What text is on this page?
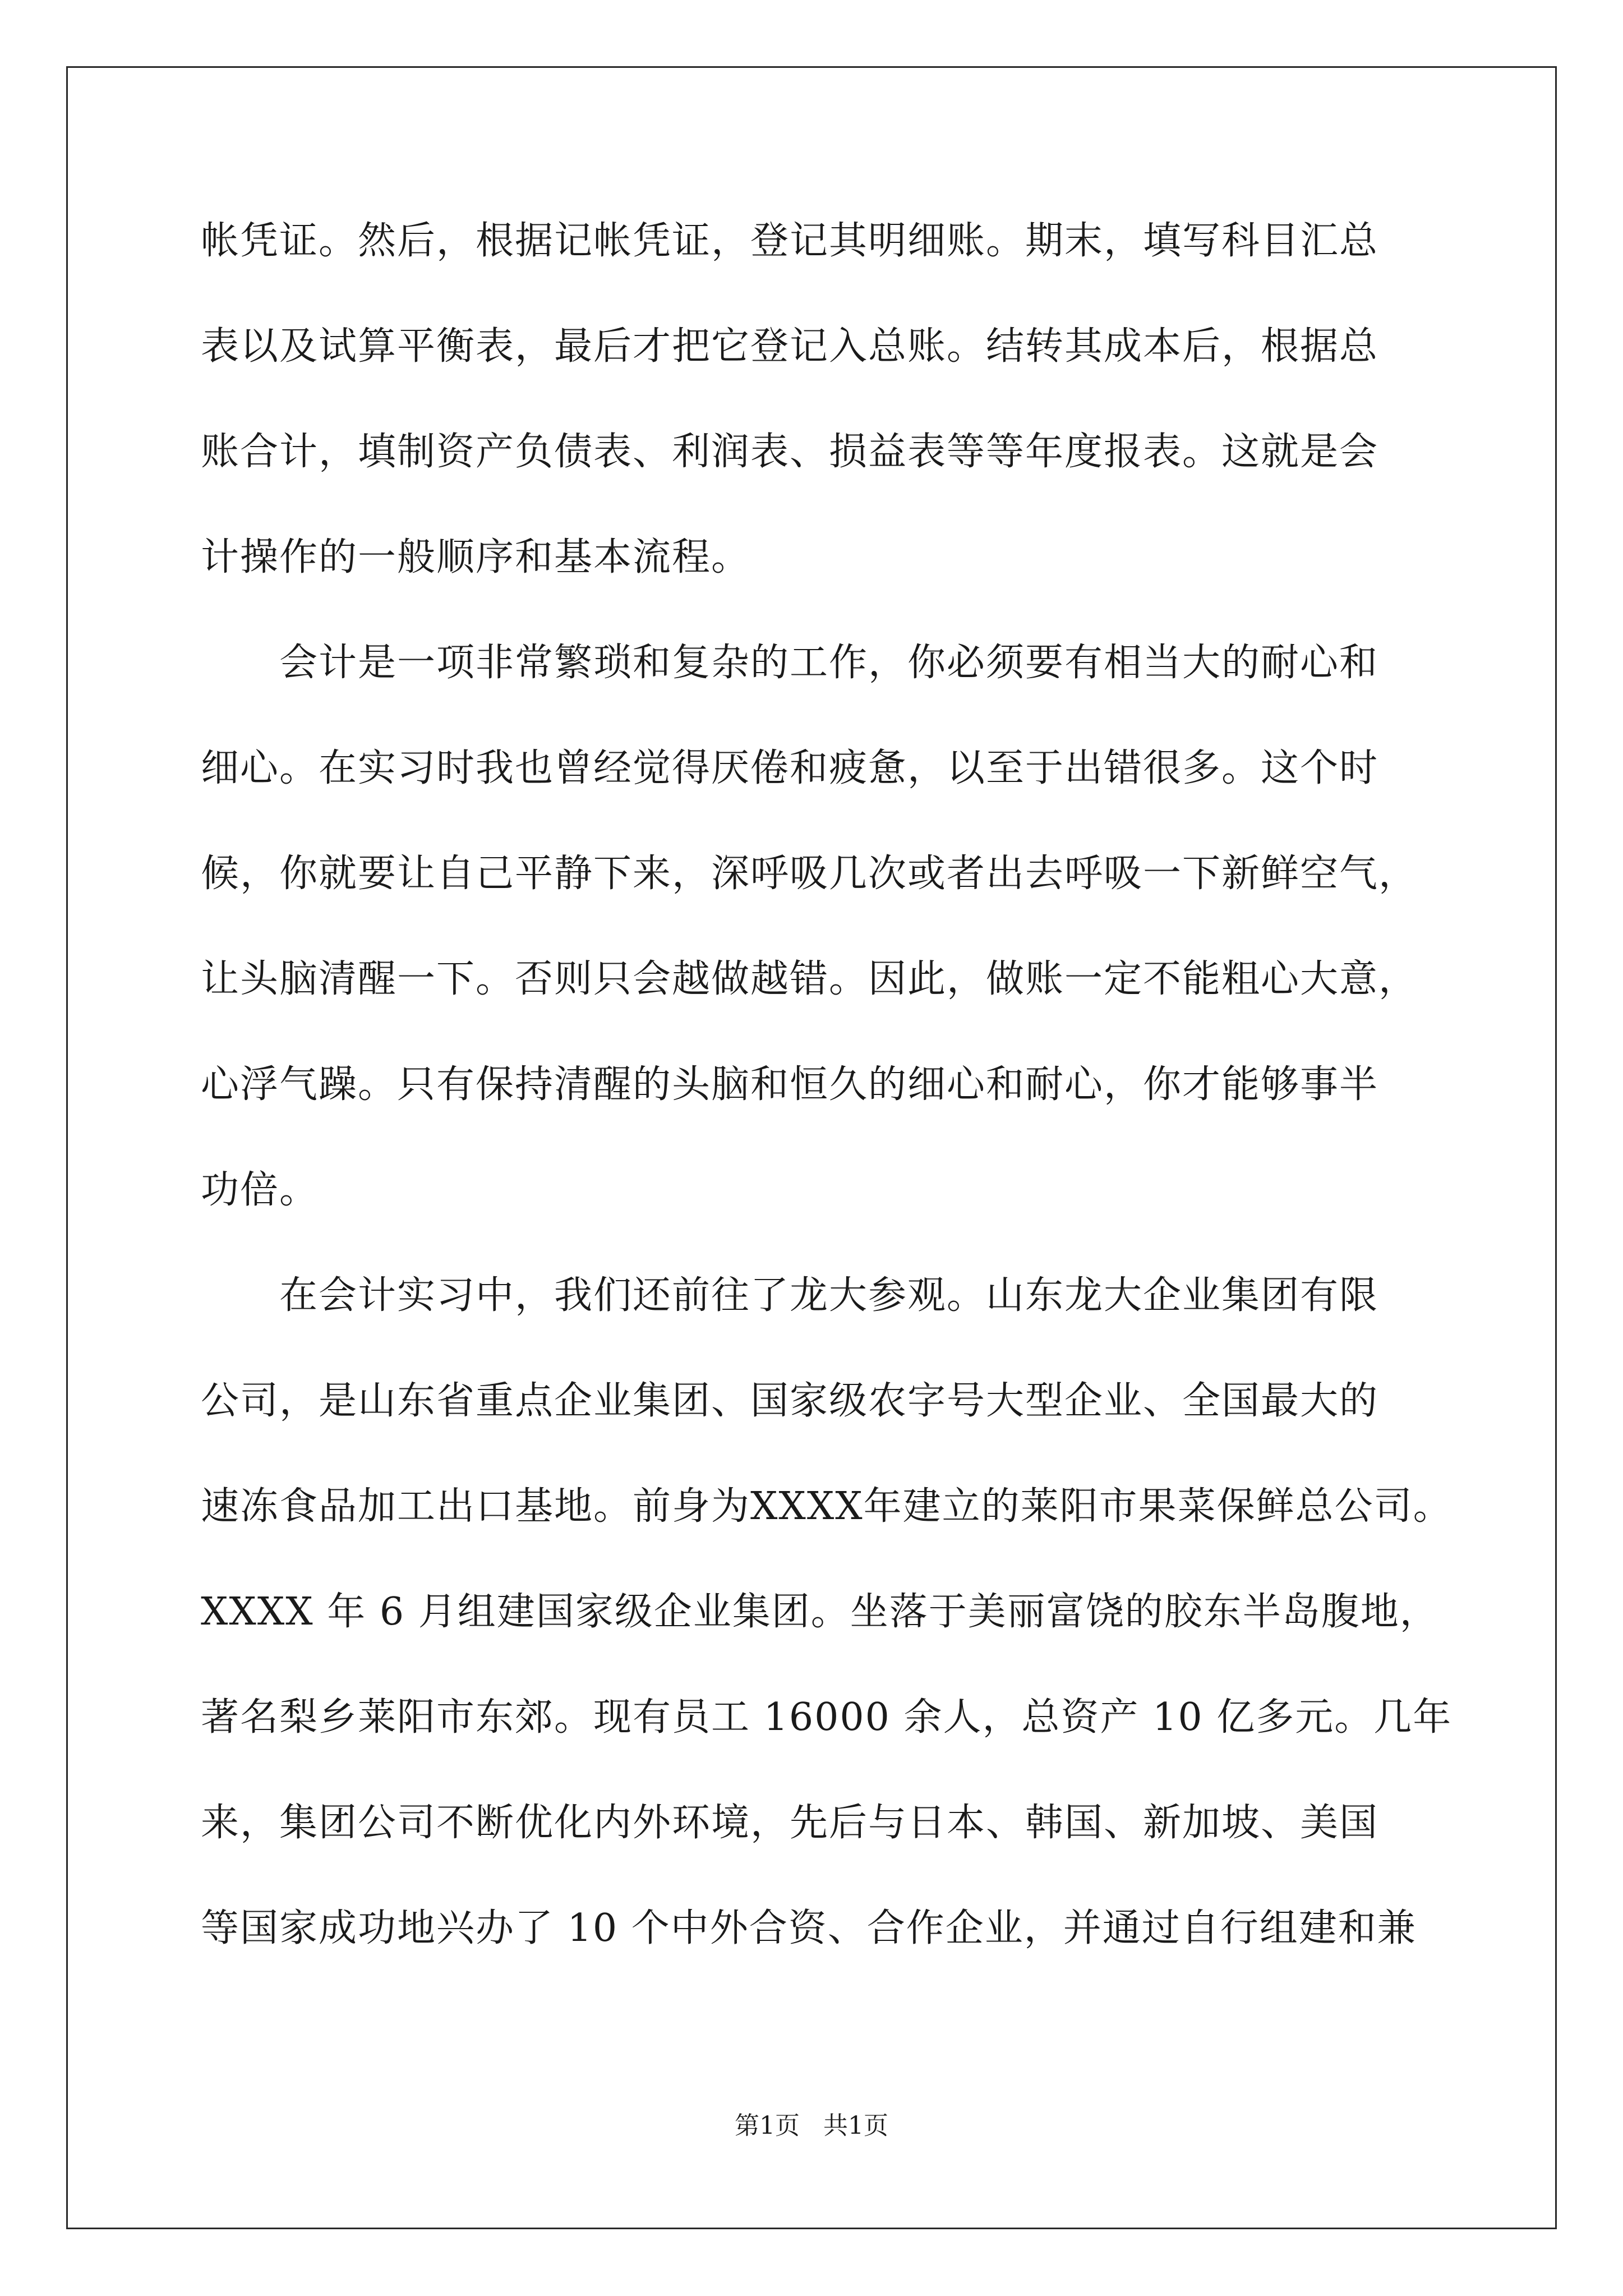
帐凭证。然后，根据记帐凭证，登记其明细账。期末，填写科目汇总
表以及试算平衡表，最后才把它登记入总账。结转其成本后，根据总
账合计，填制资产负债表、利润表、损益表等等年度报表。这就是会
计操作的一般顺序和基本流程。
　　会计是一项非常繁琐和复杂的工作，你必须要有相当大的耐心和
细心。在实习时我也曾经觉得厌倦和疲惫，以至于出错很多。这个时
候，你就要让自己平静下来，深呼吸几次或者出去呼吸一下新鲜空气，
让头脑清醒一下。否则只会越做越错。因此，做账一定不能粗心大意，
心浮气躁。只有保持清醒的头脑和恒久的细心和耐心，你才能够事半
功倍。
　　在会计实习中，我们还前往了龙大参观。山东龙大企业集团有限
公司，是山东省重点企业集团、国家级农字号大型企业、全国最大的
速冻食品加工出口基地。前身为XXXX年建立的莱阳市果菜保鲜总公司。
XXXX 年 6 月组建国家级企业集团。坐落于美丽富饶的胶东半岛腹地，
著名梨乡莱阳市东郊。现有员工 16000 余人，总资产 10 亿多元。几年
来，集团公司不断优化内外环境，先后与日本、韩国、新加坡、美国
等国家成功地兴办了 10 个中外合资、合作企业，并通过自行组建和兼
第1页   共1页
